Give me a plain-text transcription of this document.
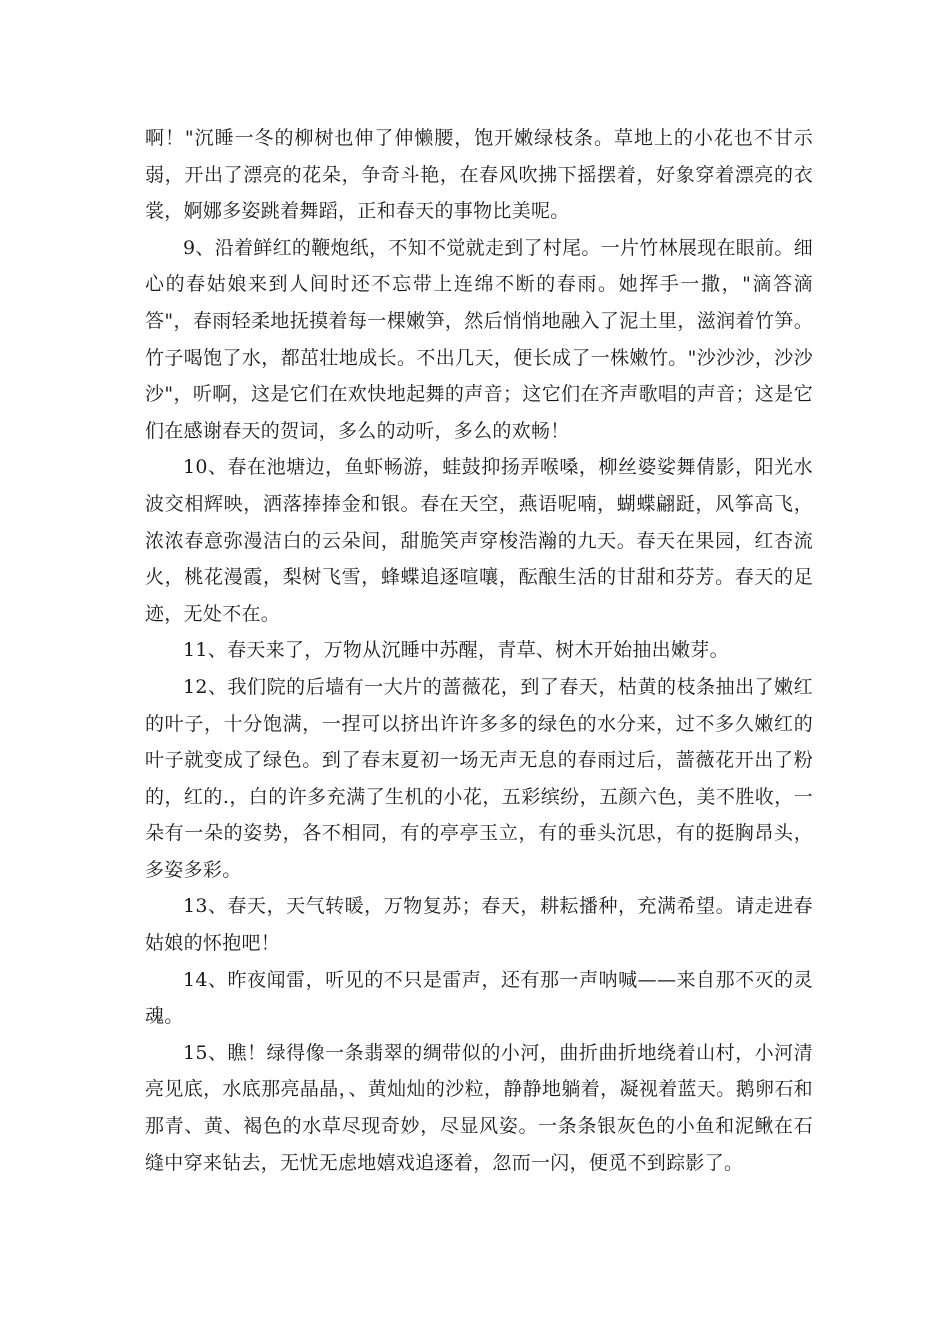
啊！"沉睡一冬的柳树也伸了伸懒腰，饱开嫩绿枝条。草地上的小花也不甘示弱，开出了漂亮的花朵，争奇斗艳，在春风吹拂下摇摆着，好象穿着漂亮的衣裳，婀娜多姿跳着舞蹈，正和春天的事物比美呢。

9、沿着鲜红的鞭炮纸，不知不觉就走到了村尾。一片竹林展现在眼前。细心的春姑娘来到人间时还不忘带上连绵不断的春雨。她挥手一撒，"滴答滴答"，春雨轻柔地抚摸着每一棵嫩笋，然后悄悄地融入了泥土里，滋润着竹笋。竹子喝饱了水，都茁壮地成长。不出几天，便长成了一株嫩竹。"沙沙沙，沙沙沙"，听啊，这是它们在欢快地起舞的声音；这它们在齐声歌唱的声音；这是它们在感谢春天的贺词，多么的动听，多么的欢畅！

10、春在池塘边，鱼虾畅游，蛙鼓抑扬弄喉嗓，柳丝婆娑舞倩影，阳光水波交相辉映，洒落捧捧金和银。春在天空，燕语呢喃，蝴蝶翩跹，风筝高飞，浓浓春意弥漫洁白的云朵间，甜脆笑声穿梭浩瀚的九天。春天在果园，红杏流火，桃花漫霞，梨树飞雪，蜂蝶追逐喧嚷，酝酿生活的甘甜和芬芳。春天的足迹，无处不在。

11、春天来了，万物从沉睡中苏醒，青草、树木开始抽出嫩芽。

12、我们院的后墙有一大片的蔷薇花，到了春天，枯黄的枝条抽出了嫩红的叶子，十分饱满，一捏可以挤出许许多多的绿色的水分来，过不多久嫩红的叶子就变成了绿色。到了春末夏初一场无声无息的春雨过后，蔷薇花开出了粉的，红的.，白的许多充满了生机的小花，五彩缤纷，五颜六色，美不胜收，一朵有一朵的姿势，各不相同，有的亭亭玉立，有的垂头沉思，有的挺胸昂头，多姿多彩。

13、春天，天气转暖，万物复苏；春天，耕耘播种，充满希望。请走进春姑娘的怀抱吧！

14、昨夜闻雷，听见的不只是雷声，还有那一声呐喊——来自那不灭的灵魂。

15、瞧！绿得像一条翡翠的绸带似的小河，曲折曲折地绕着山村，小河清亮见底，水底那亮晶晶，、黄灿灿的沙粒，静静地躺着，凝视着蓝天。鹅卵石和那青、黄、褐色的水草尽现奇妙，尽显风姿。一条条银灰色的小鱼和泥鳅在石缝中穿来钻去，无忧无虑地嬉戏追逐着，忽而一闪，便觅不到踪影了。
